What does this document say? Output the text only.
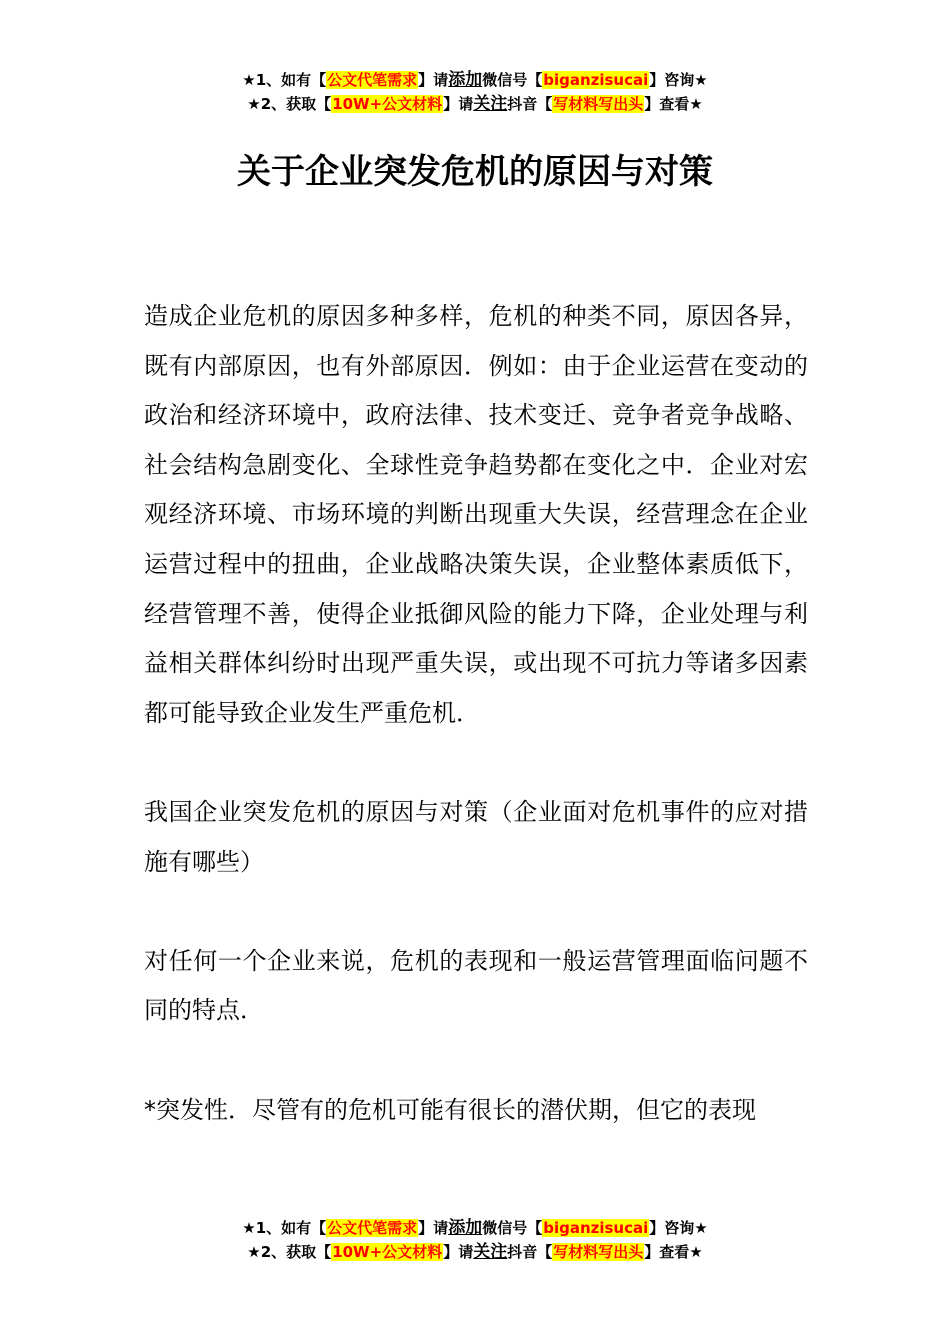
★1、如有【公文代笔需求】请添加微信号【biganzisucai】咨询★
★2、获取【10W+公文材料】请关注抖音【写材料写出头】查看★
关于企业突发危机的原因与对策

造成企业危机的原因多种多样，危机的种类不同，原因各异，既有内部原因，也有外部原因．例如：由于企业运营在变动的政治和经济环境中，政府法律、技术变迁、竞争者竞争战略、社会结构急剧变化、全球性竞争趋势都在变化之中．企业对宏观经济环境、市场环境的判断出现重大失误，经营理念在企业运营过程中的扭曲，企业战略决策失误，企业整体素质低下，经营管理不善，使得企业抵御风险的能力下降，企业处理与利益相关群体纠纷时出现严重失误，或出现不可抗力等诸多因素都可能导致企业发生严重危机．

我国企业突发危机的原因与对策（企业面对危机事件的应对措施有哪些）

对任何一个企业来说，危机的表现和一般运营管理面临问题不同的特点．

*突发性．尽管有的危机可能有很长的潜伏期，但它的表现

★1、如有【公文代笔需求】请添加微信号【biganzisucai】咨询★
★2、获取【10W+公文材料】请关注抖音【写材料写出头】查看★
